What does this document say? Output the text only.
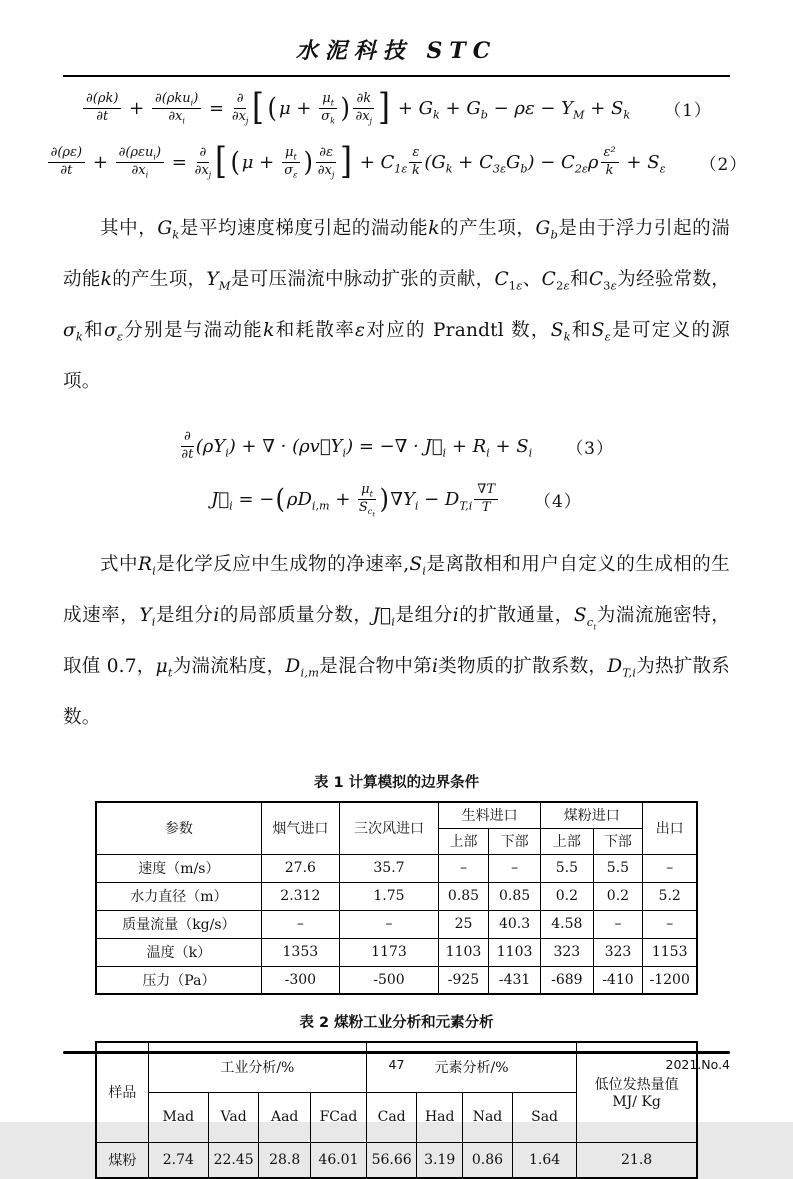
水泥科技 STC
$\frac{\partial(\rho k)}{\partial t} + \frac{\partial(\rho ku_i)}{\partial x_i} = \frac{\partial}{\partial x_j}$ [ ( $\mu + \frac{\mu_t}{\sigma_k}$ ) $\frac{\partial k}{\partial x_j}$ ] + $G_k + G_b - \rho\varepsilon - Y_M + S_k$ （1）
$\frac{\partial(\rho\varepsilon)}{\partial t} + \frac{\partial(\rho\varepsilon u_i)}{\partial x_i} = \frac{\partial}{\partial x_j}$ [ ( $\mu + \frac{\mu_t}{\sigma_\varepsilon}$ ) $\frac{\partial\varepsilon}{\partial x_j}$ ] + $C_{1\varepsilon} \frac{\varepsilon}{k} (G_k + C_{3\varepsilon}G_b) - C_{2\varepsilon}\rho \frac{\text{ε²}}{k} + S_\varepsilon$ （2）
其中，$G_k$是平均速度梯度引起的湍动能k的产生项，$G_b$是由于浮力引起的湍动能k的产生项，$Y_M$是可压湍流中脉动扩张的贡献，$C_{1\varepsilon}$、$C_{2\varepsilon}$和$C_{3\varepsilon}$为经验常数，$\sigma_k$和$\sigma_\varepsilon$分别是与湍动能k和耗散率ε对应的 Prandtl 数，$S_k$和$S_\varepsilon$是可定义的源项。
$\frac{\partial}{\partial t} (\rho Y_i)$ + ∇ · $(\rho v⃗Y_i)$ = −∇ · $J⃗_i + R_i + S_i$ （3）
$J⃗_i$ = − ( $\rho D_{i,m} + \frac{\mu_t}{S_{c_t}}$ ) $\nabla Y_i - D_{T,i} \frac{\nabla T}{T} (4)$
式中$R_i$是化学反应中生成物的净速率$,S_i$是离散相和用户自定义的生成相的生成速率，$Y_i$是组分i的局部质量分数，$J⃗_i$是组分i的扩散通量，$S_{c_t}$为湍流施密特，取值 0.7，$\mu_t$为湍流粘度，$D_{i,m}$是混合物中第i类物质的扩散系数，$D_{T,i}$为热扩散系数。
表 1 计算模拟的边界条件
参数	烟气进口	三次风进口	生料进口		煤粉进口		出口
			上部	下部	上部	下部	
速度（m/s）	27.6	35.7	–	–	5.5	5.5	–
水力直径（m）	2.312	1.75	0.85	0.85	0.2	0.2	5.2
质量流量（kg/s）	–	–	25	40.3	4.58	–	–
温度（k）	1353	1173	1103	1103	323	323	1153
压力（Pa）	-300	-500	-925	-431	-689	-410	-1200
表 2 煤粉工业分析和元素分析
样品	工业分析/%				元素分析/%				低位发热量值
MJ/ Kg

	Mad	Vad	Aad	FCad	Cad	Had	Nad	Sad	
煤粉	2.74	22.45	28.8	46.01	56.66	3.19	0.86	1.64	21.8
47	2021.No.4
